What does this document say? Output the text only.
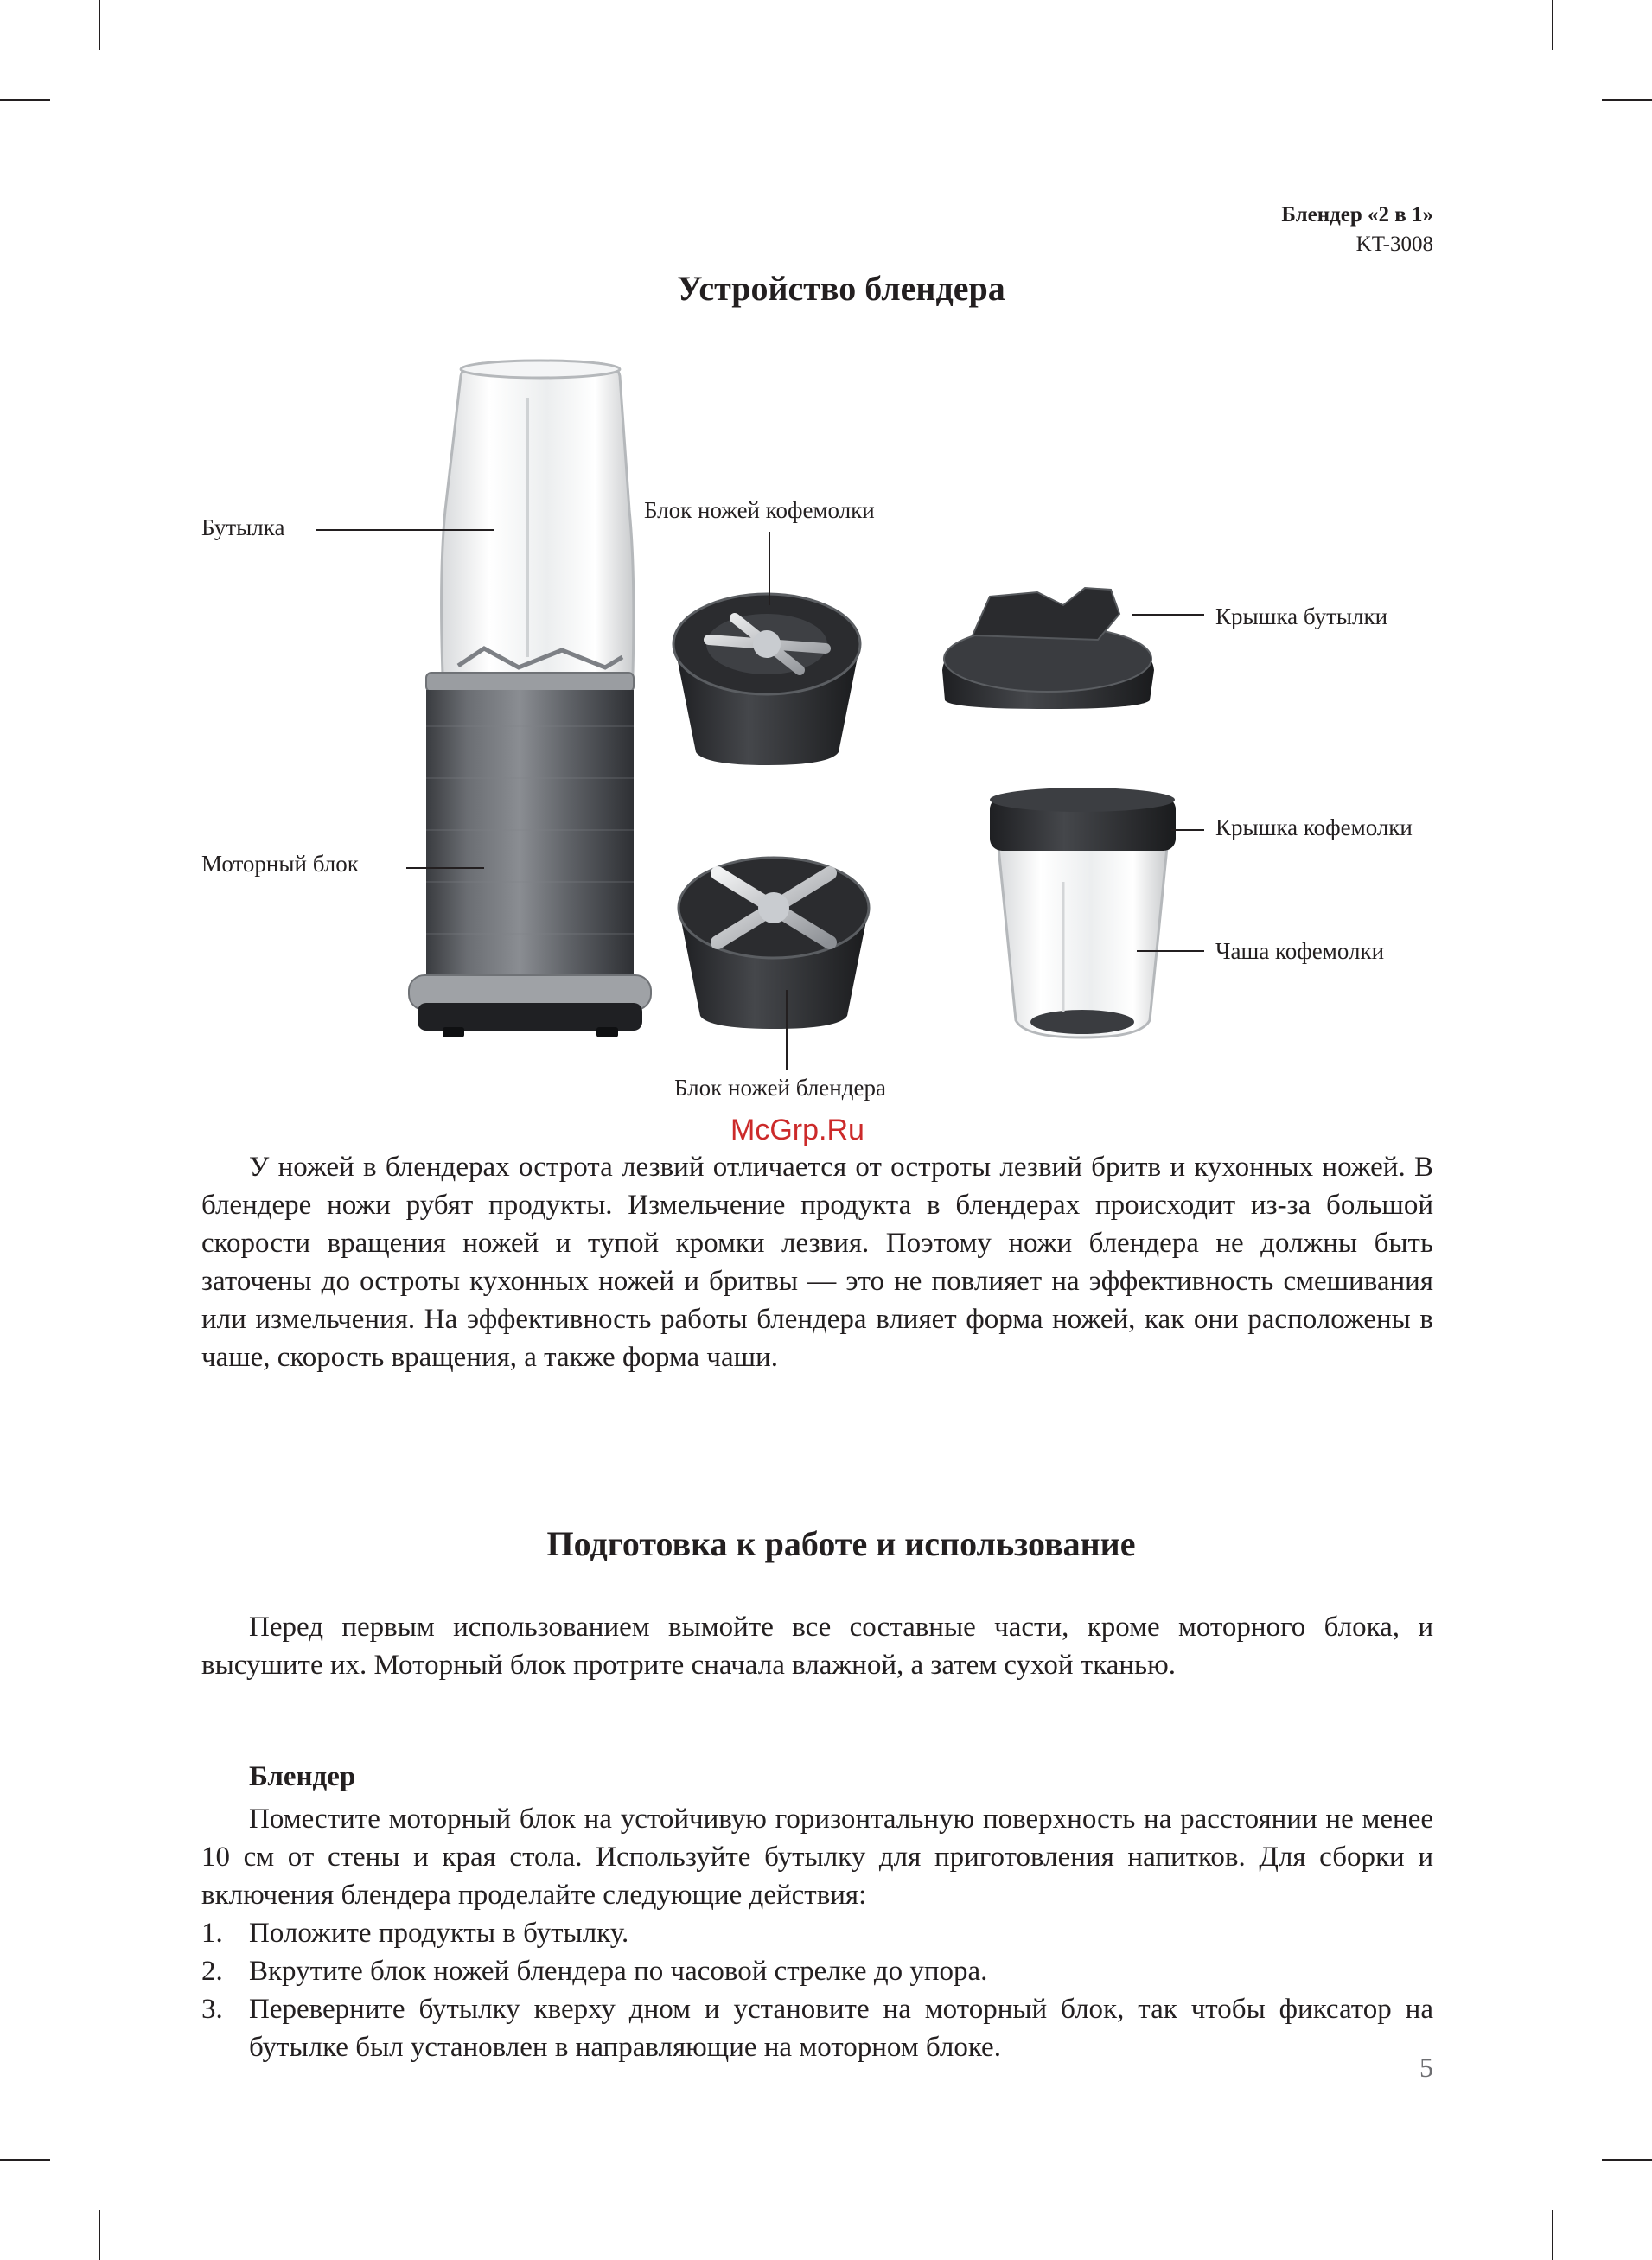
Блендер «2 в 1»
KT-3008
Устройство блендера
Бутылка
Блок ножей кофемолки
Крышка бутылки
Моторный блок
Крышка кофемолки
Чаша кофемолки
Блок ножей блендера
McGrp.Ru

У ножей в блендерах острота лезвий отличается от остроты лезвий бритв и кухонных ножей. В блендере ножи рубят продукты. Измельчение продукта в блендерах происходит из-за большой скорости вращения ножей и тупой кромки лезвия. Поэтому ножи блендера не должны быть заточены до остроты кухонных ножей и бритвы — это не повлияет на эффективность смешивания или измельчения. На эффективность работы блендера влияет форма ножей, как они расположены в чаше, скорость вращения, а также форма чаши.

Подготовка к работе и использование

Перед первым использованием вымойте все составные части, кроме моторного блока, и высушите их. Моторный блок протрите сначала влажной, а затем сухой тканью.

Блендер

Поместите моторный блок на устойчивую горизонтальную поверхность на расстоянии не менее 10 см от стены и края стола. Используйте бутылку для приготовления напитков. Для сборки и включения блендера проделайте следующие действия:

1. Положите продукты в бутылку.
2. Вкрутите блок ножей блендера по часовой стрелке до упора.
3. Переверните бутылку кверху дном и установите на моторный блок, так чтобы фиксатор на бутылке был установлен в направляющие на моторном блоке.
5
